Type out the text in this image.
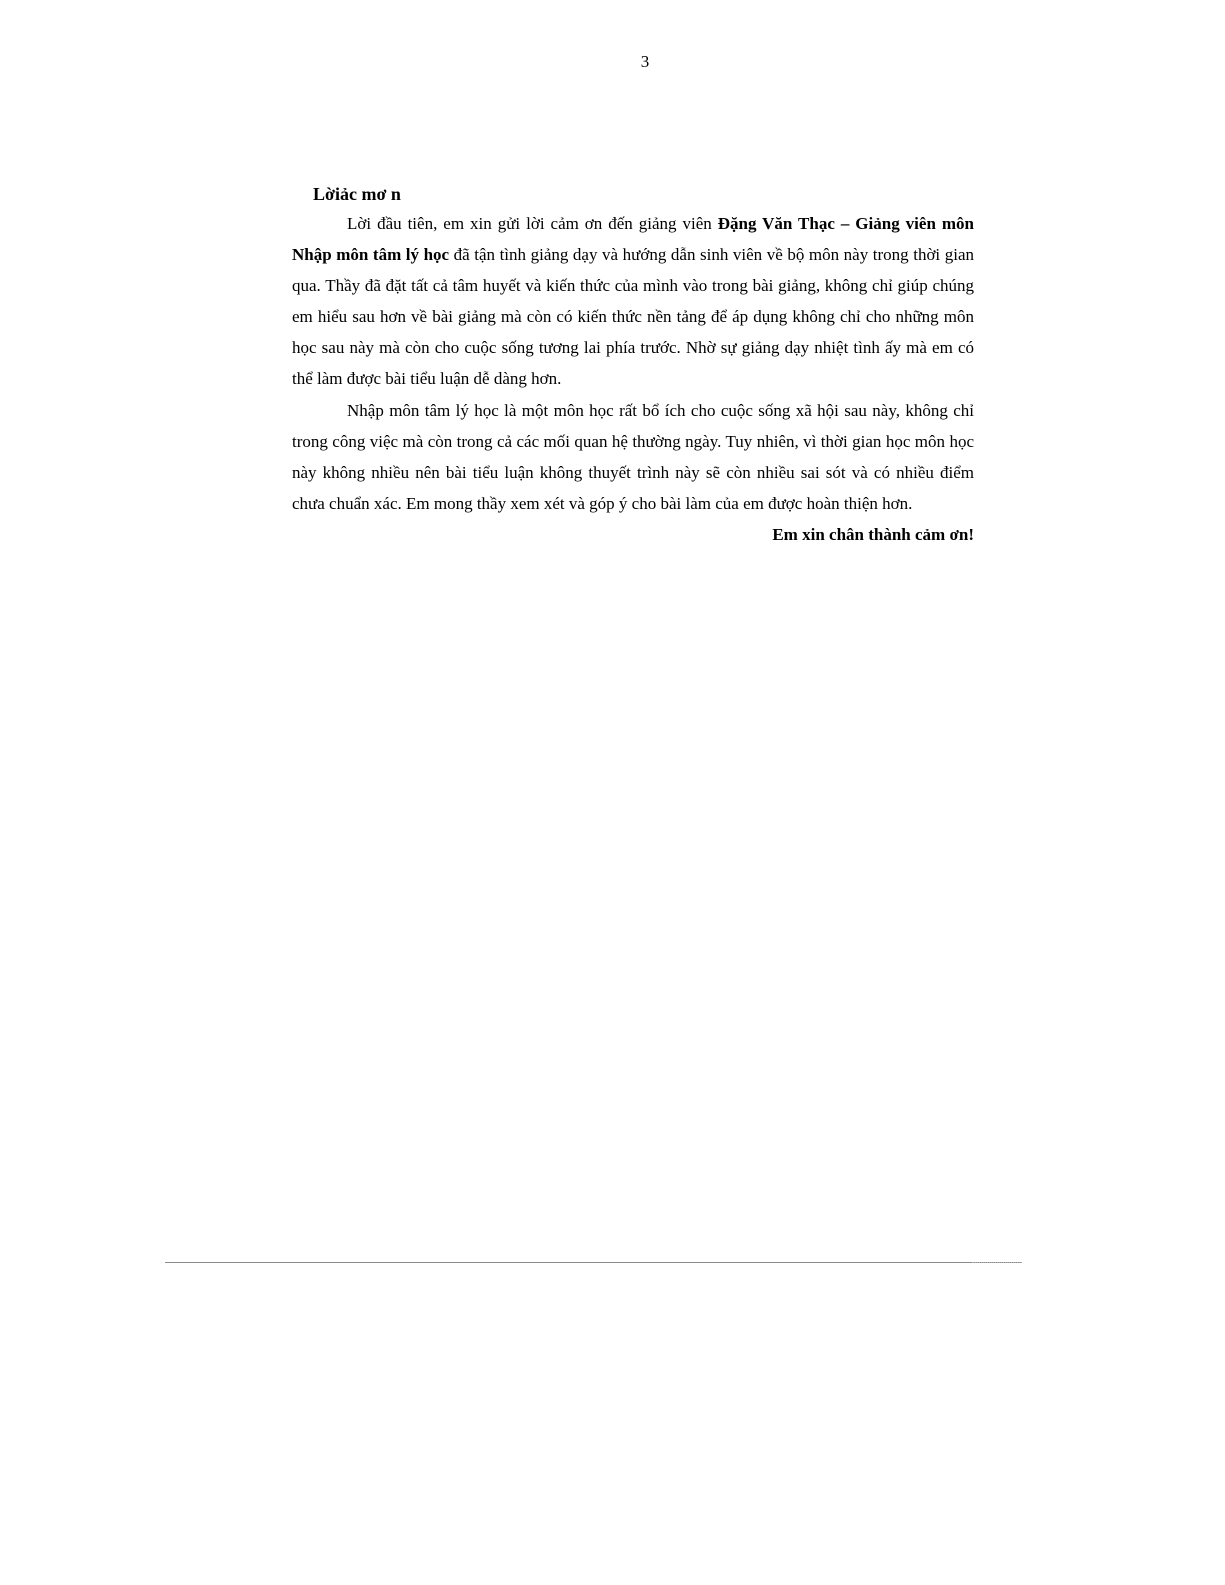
3
Lờiảc mơ n

Lời đầu tiên, em xin gửi lời cảm ơn đến giảng viên Đặng Văn Thạc – Giảng viên môn Nhập môn tâm lý học đã tận tình giảng dạy và hướng dẫn sinh viên về bộ môn này trong thời gian qua. Thầy đã đặt tất cả tâm huyết và kiến thức của mình vào trong bài giảng, không chỉ giúp chúng em hiểu sau hơn về bài giảng mà còn có kiến thức nền tảng để áp dụng không chỉ cho những môn học sau này mà còn cho cuộc sống tương lai phía trước. Nhờ sự giảng dạy nhiệt tình ấy mà em có thể làm được bài tiểu luận dễ dàng hơn.

Nhập môn tâm lý học là một môn học rất bổ ích cho cuộc sống xã hội sau này, không chỉ trong công việc mà còn trong cả các mối quan hệ thường ngày. Tuy nhiên, vì thời gian học môn học này không nhiều nên bài tiểu luận không thuyết trình này sẽ còn nhiều sai sót và có nhiều điểm chưa chuẩn xác. Em mong thầy xem xét và góp ý cho bài làm của em được hoàn thiện hơn.

Em xin chân thành cảm ơn!
